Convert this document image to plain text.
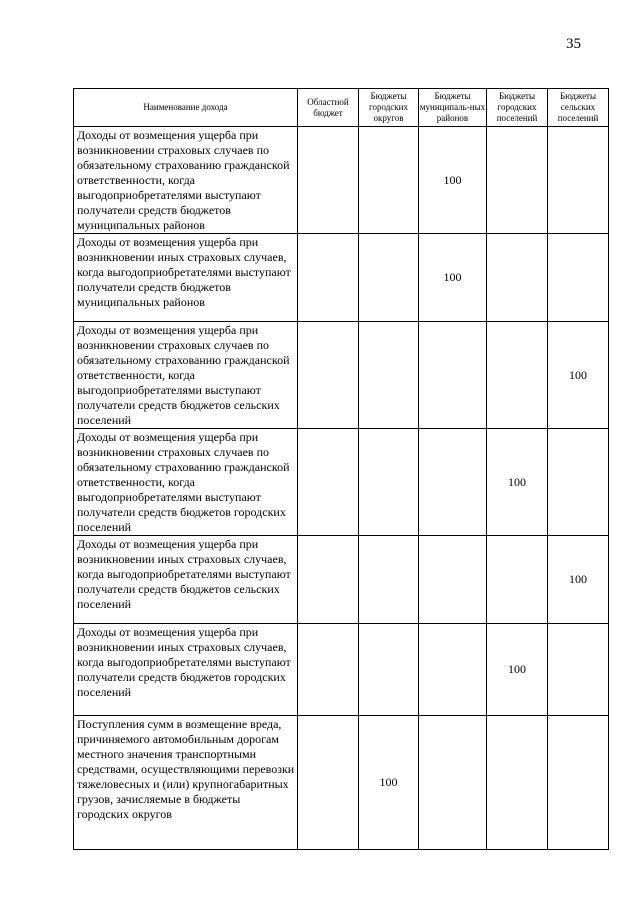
35
Наименование дохода	Областной бюджет	Бюджеты городских округов	Бюджеты муниципаль-ных районов	Бюджеты городских поселений	Бюджеты сельских поселений
Доходы от возмещения ущерба при возникновении страховых случаев по обязательному страхованию гражданской ответственности, когда выгодоприобретателями выступают получатели средств бюджетов муниципальных районов			100		
Доходы от возмещения ущерба при возникновении иных страховых случаев, когда выгодоприобретателями выступают получатели средств бюджетов муниципальных районов			100		
Доходы от возмещения ущерба при возникновении страховых случаев по обязательному страхованию гражданской ответственности, когда выгодоприобретателями выступают получатели средств бюджетов сельских поселений					100
Доходы от возмещения ущерба при возникновении страховых случаев по обязательному страхованию гражданской ответственности, когда выгодоприобретателями выступают получатели средств бюджетов городских поселений				100	
Доходы от возмещения ущерба при возникновении иных страховых случаев, когда выгодоприобретателями выступают получатели средств бюджетов сельских поселений					100
Доходы от возмещения ущерба при возникновении иных страховых случаев, когда выгодоприобретателями выступают получатели средств бюджетов городских поселений				100	
Поступления сумм в возмещение вреда, причиняемого автомобильным дорогам местного значения транспортными средствами, осуществляющими перевозки тяжеловесных и (или) крупногабаритных грузов, зачисляемые в бюджеты городских округов		100			
